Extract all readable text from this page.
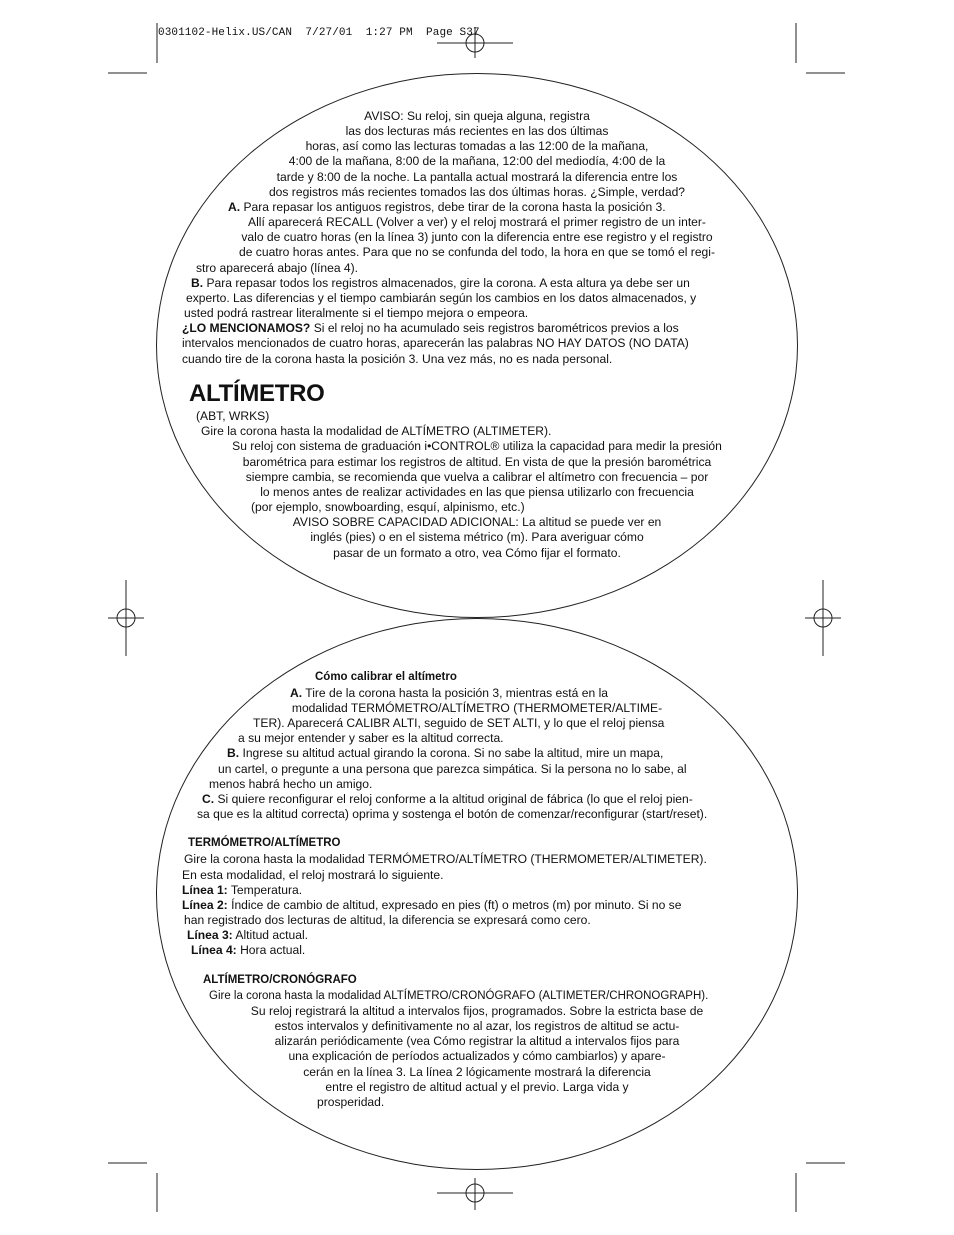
0301102-Helix.US/CAN  7/27/01  1:27 PM  Page S37
AVISO: Su reloj, sin queja alguna, registra
las dos lecturas más recientes en las dos últimas
horas, así como las lecturas tomadas a las 12:00 de la mañana,
4:00 de la mañana, 8:00 de la mañana, 12:00 del mediodía, 4:00 de la
tarde y 8:00 de la noche. La pantalla actual mostrará la diferencia entre los
dos registros más recientes tomados las dos últimas horas. ¿Simple, verdad?
A. Para repasar los antiguos registros, debe tirar de la corona hasta la posición 3.
Allí aparecerá RECALL (Volver a ver) y el reloj mostrará el primer registro de un inter-
valo de cuatro horas (en la línea 3) junto con la diferencia entre ese registro y el registro
de cuatro horas antes. Para que no se confunda del todo, la hora en que se tomó el regi-
stro aparecerá abajo (línea 4).
B. Para repasar todos los registros almacenados, gire la corona. A esta altura ya debe ser un
experto. Las diferencias y el tiempo cambiarán según los cambios en los datos almacenados, y
usted podrá rastrear literalmente si el tiempo mejora o empeora.
¿LO MENCIONAMOS? Si el reloj no ha acumulado seis registros barométricos previos a los
intervalos mencionados de cuatro horas, aparecerán las palabras NO HAY DATOS (NO DATA)
cuando tire de la corona hasta la posición 3. Una vez más, no es nada personal.
ALTÍMETRO
(ABT, WRKS)
Gire la corona hasta la modalidad de ALTÍMETRO (ALTIMETER).
Su reloj con sistema de graduación i•CONTROL® utiliza la capacidad para medir la presión
barométrica para estimar los registros de altitud. En vista de que la presión barométrica
siempre cambia, se recomienda que vuelva a calibrar el altímetro con frecuencia – por
lo menos antes de realizar actividades en las que piensa utilizarlo con frecuencia
(por ejemplo, snowboarding, esquí, alpinismo, etc.)
AVISO SOBRE CAPACIDAD ADICIONAL: La altitud se puede ver en
inglés (pies) o en el sistema métrico (m). Para averiguar cómo
pasar de un formato a otro, vea Cómo fijar el formato.
Cómo calibrar el altímetro
A. Tire de la corona hasta la posición 3, mientras está en la
modalidad TERMÓMETRO/ALTÍMETRO (THERMOMETER/ALTIME-
TER). Aparecerá CALIBR ALTI, seguido de SET ALTI, y lo que el reloj piensa
a su mejor entender y saber es la altitud correcta.
B. Ingrese su altitud actual girando la corona. Si no sabe la altitud, mire un mapa,
un cartel, o pregunte a una persona que parezca simpática. Si la persona no lo sabe, al
menos habrá hecho un amigo.
C. Si quiere reconfigurar el reloj conforme a la altitud original de fábrica (lo que el reloj pien-
sa que es la altitud correcta) oprima y sostenga el botón de comenzar/reconfigurar (start/reset).
TERMÓMETRO/ALTÍMETRO
Gire la corona hasta la modalidad TERMÓMETRO/ALTÍMETRO (THERMOMETER/ALTIMETER).
En esta modalidad, el reloj mostrará lo siguiente.
Línea 1: Temperatura.
Línea 2: Índice de cambio de altitud, expresado en pies (ft) o metros (m) por minuto. Si no se
han registrado dos lecturas de altitud, la diferencia se expresará como cero.
Línea 3: Altitud actual.
Línea 4: Hora actual.
ALTÍMETRO/CRONÓGRAFO
Gire la corona hasta la modalidad ALTÍMETRO/CRONÓGRAFO (ALTIMETER/CHRONOGRAPH).
Su reloj registrará la altitud a intervalos fijos, programados. Sobre la estricta base de
estos intervalos y definitivamente no al azar, los registros de altitud se actu-
alizarán periódicamente (vea Cómo registrar la altitud a intervalos fijos para
una explicación de períodos actualizados y cómo cambiarlos) y apare-
cerán en la línea 3. La línea 2 lógicamente mostrará la diferencia
entre el registro de altitud actual y el previo. Larga vida y
prosperidad.
